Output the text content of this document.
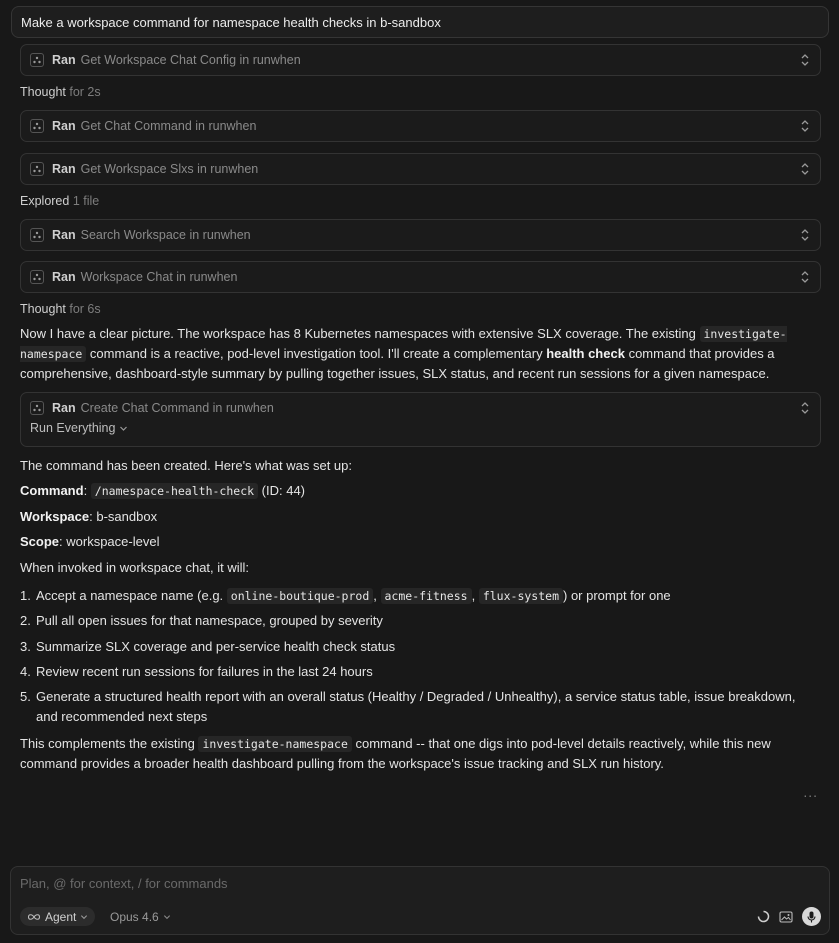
Make a workspace command for namespace health checks in b-sandbox
Ran Get Workspace Chat Config in runwhen
Thought for 2s
Ran Get Chat Command in runwhen
Ran Get Workspace Slxs in runwhen
Explored 1 file
Ran Search Workspace in runwhen
Ran Workspace Chat in runwhen
Thought for 6s
Now I have a clear picture. The workspace has 8 Kubernetes namespaces with extensive SLX coverage. The existing investigate-namespace command is a reactive, pod-level investigation tool. I'll create a complementary health check command that provides a comprehensive, dashboard-style summary by pulling together issues, SLX status, and recent run sessions for a given namespace.
Ran Create Chat Command in runwhen
Run Everything
The command has been created. Here's what was set up:
Command: /namespace-health-check (ID: 44)
Workspace: b-sandbox
Scope: workspace-level
When invoked in workspace chat, it will:
1. Accept a namespace name (e.g. online-boutique-prod , acme-fitness , flux-system ) or prompt for one
2. Pull all open issues for that namespace, grouped by severity
3. Summarize SLX coverage and per-service health check status
4. Review recent run sessions for failures in the last 24 hours
5. Generate a structured health report with an overall status (Healthy / Degraded / Unhealthy), a service status table, issue breakdown, and recommended next steps
This complements the existing investigate-namespace command -- that one digs into pod-level details reactively, while this new command provides a broader health dashboard pulling from the workspace's issue tracking and SLX run history.
...
Plan, @ for context, / for commands
Agent	Opus 4.6
